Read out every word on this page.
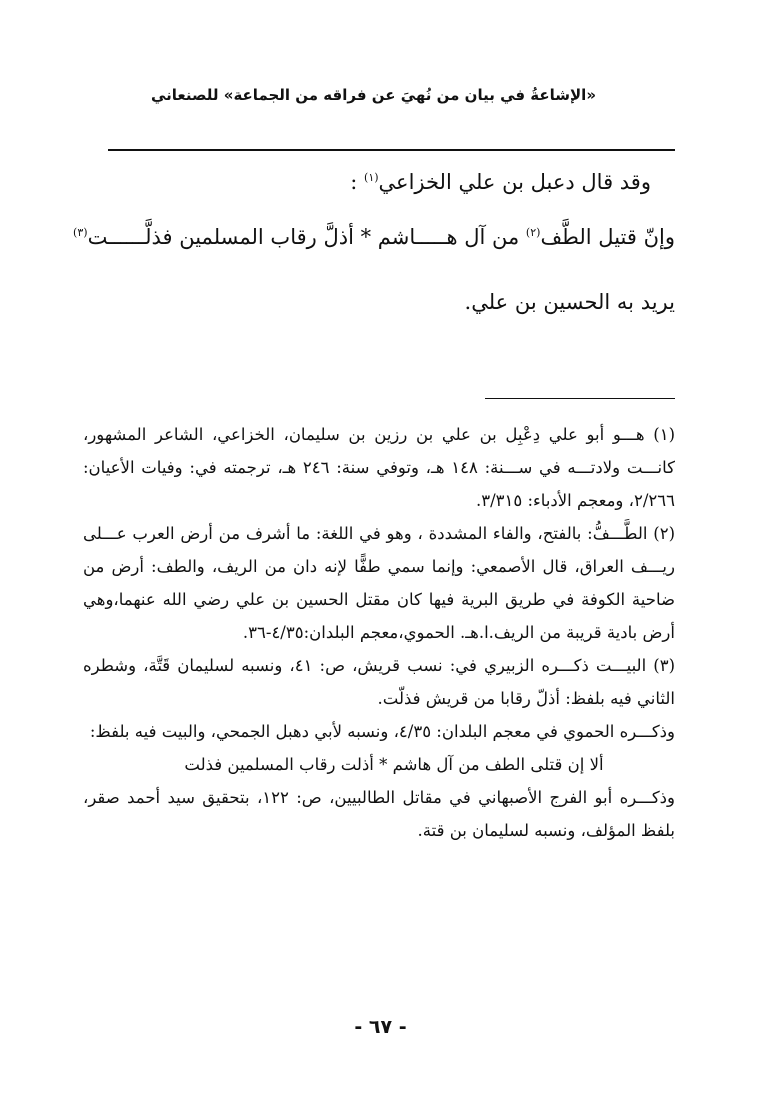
«الإشاعةُ في بيان من نُهيَ عن فراقه من الجماعة» للصنعاني
وقد قال دعبل بن علي الخزاعي$^{(١)}$ :
وإنّ قتيل الطَّف$^{(٢)}$ من آل هـــــاشم * أذلَّ رقاب المسلمين فذلَّــــــت$^{(٣)}$
يريد به الحسين بن علي.

(١) هـــو أبو علي دِعْبِل بن علي بن رزين بن سليمان، الخزاعي، الشاعر المشهور، كانـــت ولادتـــه في ســـنة: ١٤٨ هـ، وتوفي سنة: ٢٤٦ هـ، ترجمته في: وفيات الأعيان: ٢/٢٦٦، ومعجم الأدباء: ٣/٣١٥.

(٢) الطَّـــفُّ: بالفتح، والفاء المشددة ، وهو في اللغة: ما أشرف من أرض العرب عـــلى ريـــف العراق، قال الأصمعي: وإنما سمي طفًّا لإنه دان من الريف، والطف: أرض من ضاحية الكوفة في طريق البرية فيها كان مقتل الحسين بن علي رضي الله عنهما،وهي أرض بادية قريبة من الريف.ا.هـ. الحموي،معجم البلدان:٤/٣٥-٣٦.

(٣) البيـــت ذكـــره الزبيري في: نسب قريش، ص: ٤١، ونسبه لسليمان قَتَّة، وشطره الثاني فيه بلفظ: أذلّ رقابا من قريش فذلّت.

وذكـــره الحموي في معجم البلدان: ٤/٣٥، ونسبه لأبي دهبل الجمحي، والبيت فيه بلفظ:

ألا إن قتلى الطف من آل هاشم * أذلت رقاب المسلمين فذلت

وذكـــره أبو الفرج الأصبهاني في مقاتل الطالبيين، ص: ١٢٢، بتحقيق سيد أحمد صقر، بلفظ المؤلف، ونسبه لسليمان بن قتة.

- ٦٧ -
